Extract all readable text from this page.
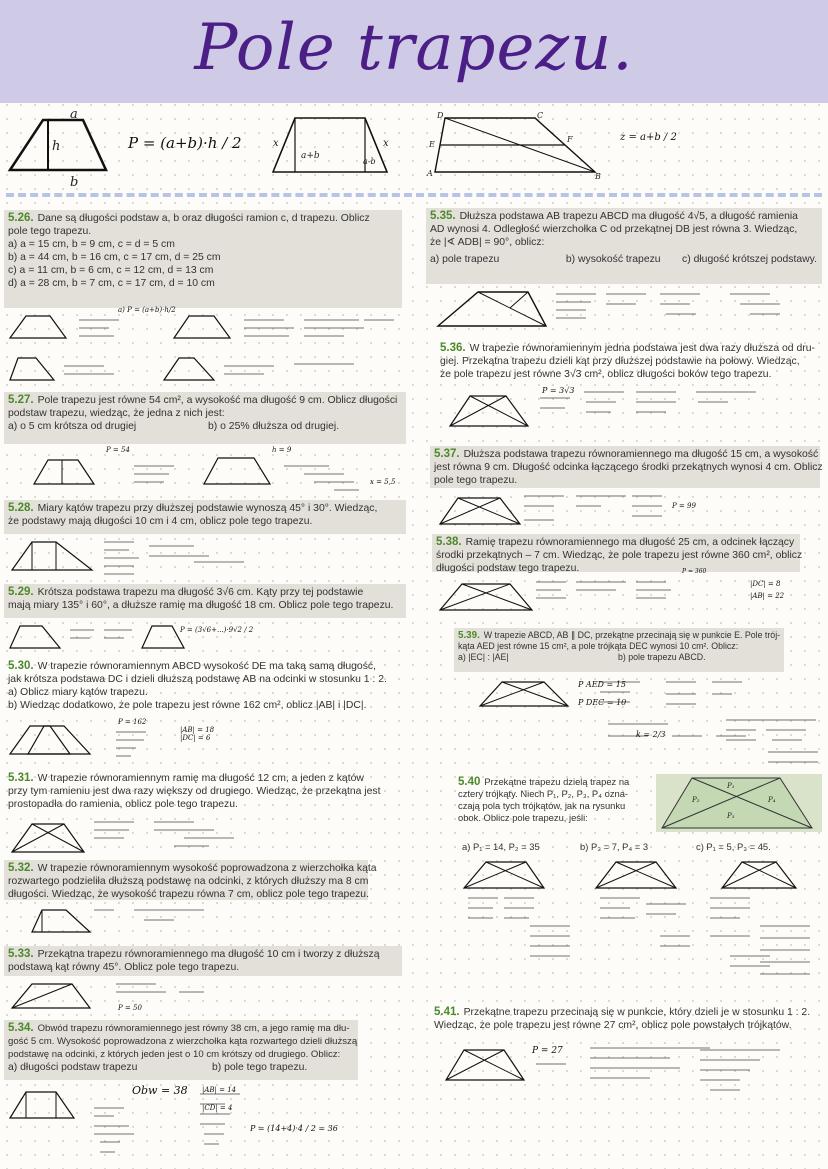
Pole trapezu.
a
b
h	P = (a+b)·h / 2	x	x
a+b
a-b
D	C
E
F
A	B
z = a+b / 2
5.26. Dane są długości podstaw a, b oraz długości ramion c, d trapezu. Oblicz
pole tego trapezu.
a) a = 15 cm, b = 9 cm, c = d = 5 cm
b) a = 44 cm, b = 16 cm, c = 17 cm, d = 25 cm
c) a = 11 cm, b = 6 cm, c = 12 cm, d = 13 cm
d) a = 28 cm, b = 7 cm, c = 17 cm, d = 10 cm
a) P = (a+b)·h/2
5.27. Pole trapezu jest równe 54 cm², a wysokość ma długość 9 cm. Oblicz długości
podstaw trapezu, wiedząc, że jedna z nich jest:
a) o 5 cm krótsza od drugiej	b) o 25% dłuższa od drugiej.
P = 54	h = 9
x = 5,5
5.28. Miary kątów trapezu przy dłuższej podstawie wynoszą 45° i 30°. Wiedząc,
że podstawy mają długości 10 cm i 4 cm, oblicz pole tego trapezu.
5.29. Krótsza podstawa trapezu ma długość 3√6 cm. Kąty przy tej podstawie
mają miary 135° i 60°, a dłuższe ramię ma długość 18 cm. Oblicz pole tego trapezu.
P = (3√6+...)·9√2 / 2
5.30. W trapezie równoramiennym ABCD wysokość DE ma taką samą długość,
jak krótsza podstawa DC i dzieli dłuższą podstawę AB na odcinki w stosunku 1 : 2.
a) Oblicz miary kątów trapezu.
b) Wiedząc dodatkowo, że pole trapezu jest równe 162 cm², oblicz |AB| i |DC|.
P = 162
|AB| = 18
|DC| = 6
5.31. W trapezie równoramiennym ramię ma długość 12 cm, a jeden z kątów
przy tym ramieniu jest dwa razy większy od drugiego. Wiedząc, że przekątna jest
prostopadła do ramienia, oblicz pole tego trapezu.
5.32. W trapezie równoramiennym wysokość poprowadzona z wierzchołka kąta
rozwartego podzieliła dłuższą podstawę na odcinki, z których dłuższy ma 8 cm
długości. Wiedząc, że wysokość trapezu równa 7 cm, oblicz pole tego trapezu.
5.33. Przekątna trapezu równoramiennego ma długość 10 cm i tworzy z dłuższą
podstawą kąt równy 45°. Oblicz pole tego trapezu.
P = 50
5.34. Obwód trapezu równoramiennego jest równy 38 cm, a jego ramię ma dłu-
gość 5 cm. Wysokość poprowadzona z wierzchołka kąta rozwartego dzieli dłuższą
podstawę na odcinki, z których jeden jest o 10 cm krótszy od drugiego. Oblicz:
a) długości podstaw trapezu	b) pole tego trapezu.
Obw = 38 |AB| = 14
|CD| = 4
P = (14+4)·4 / 2 = 36
5.35. Dłuższa podstawa AB trapezu ABCD ma długość 4√5, a długość ramienia
AD wynosi 4. Odległość wierzchołka C od przekątnej DB jest równa 3. Wiedząc,
że |∢ ADB| = 90°, oblicz:
a) pole trapezu	b) wysokość trapezu	c) długość krótszej podstawy.
5.36. W trapezie równoramiennym jedna podstawa jest dwa razy dłuższa od dru-
giej. Przekątna trapezu dzieli kąt przy dłuższej podstawie na połowy. Wiedząc,
że pole trapezu jest równe 3√3 cm², oblicz długości boków tego trapezu.
P = 3√3
5.37. Dłuższa podstawa trapezu równoramiennego ma długość 15 cm, a wysokość
jest równa 9 cm. Długość odcinka łączącego środki przekątnych wynosi 4 cm. Oblicz
pole tego trapezu.
P = 99
5.38. Ramię trapezu równoramiennego ma długość 25 cm, a odcinek łączący
środki przekątnych – 7 cm. Wiedząc, że pole trapezu jest równe 360 cm², oblicz
długości podstaw tego trapezu.	P = 360
|DC| = 8
|AB| = 22
5.39. W trapezie ABCD, AB ∥ DC, przekątne przecinają się w punkcie E. Pole trój-
kąta AED jest równe 15 cm², a pole trójkąta DEC wynosi 10 cm². Oblicz:
a) |EC| : |AE|	b) pole trapezu ABCD.
P AED = 15
P DEC = 10
k = 2/3
5.40 Przekątne trapezu dzielą trapez na
cztery trójkąty. Niech P₁, P₂, P₃, P₄ ozna-
czają pola tych trójkątów, jak na rysunku
obok. Oblicz pole trapezu, jeśli:
P₁
P₂
P₃
P₄
a) P₁ = 14, P₂ = 35	b) P₃ = 7, P₄ = 3	c) P₁ = 5, P₃ = 45.
5.41. Przekątne trapezu przecinają się w punkcie, który dzieli je w stosunku 1 : 2.
Wiedząc, że pole trapezu jest równe 27 cm², oblicz pole powstałych trójkątów.
P = 27
